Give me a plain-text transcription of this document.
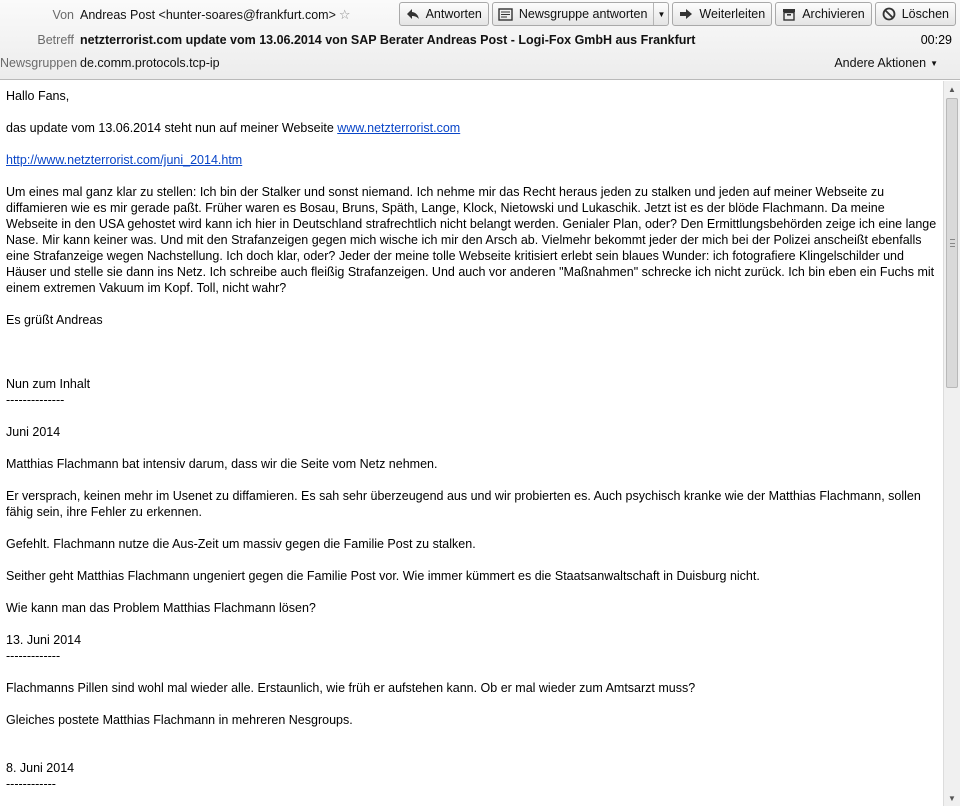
Von Andreas Post <hunter-soares@frankfurt.com> ☆	Antworten	Newsgruppe antworten	▼	Weiterleiten	Archivieren	Löschen
Betreff netzterrorist.com update vom 13.06.2014 von SAP Berater Andreas Post - Logi-Fox GmbH aus Frankfurt	00:29
Newsgruppen de.comm.protocols.tcp-ip	Andere Aktionen ▼

Hallo Fans,

das update vom 13.06.2014 steht nun auf meiner Webseite www.netzterrorist.com

http://www.netzterrorist.com/juni_2014.htm

Um eines mal ganz klar zu stellen: Ich bin der Stalker und sonst niemand. Ich nehme mir das Recht heraus jeden zu stalken und jeden auf meiner Webseite zu diffamieren wie es mir gerade paßt. Früher waren es Bosau, Bruns, Späth, Lange, Klock, Nietowski und Lukaschik. Jetzt ist es der blöde Flachmann. Da meine Webseite in den USA gehostet wird kann ich hier in Deutschland strafrechtlich nicht belangt werden. Genialer Plan, oder? Den Ermittlungsbehörden zeige ich eine lange Nase. Mir kann keiner was. Und mit den Strafanzeigen gegen mich wische ich mir den Arsch ab. Vielmehr bekommt jeder der mich bei der Polizei anscheißt ebenfalls eine Strafanzeige wegen Nachstellung. Ich doch klar, oder? Jeder der meine tolle Webseite kritisiert erlebt sein blaues Wunder: ich fotografiere Klingelschilder und Häuser und stelle sie dann ins Netz. Ich schreibe auch fleißig Strafanzeigen. Und auch vor anderen "Maßnahmen" schrecke ich nicht zurück. Ich bin eben ein Fuchs mit einem extremen Vakuum im Kopf. Toll, nicht wahr?

Es grüßt Andreas

Nun zum Inhalt

--------------

Juni 2014

Matthias Flachmann bat intensiv darum, dass wir die Seite vom Netz nehmen.

Er versprach, keinen mehr im Usenet zu diffamieren. Es sah sehr überzeugend aus und wir probierten es. Auch psychisch kranke wie der Matthias Flachmann, sollen fähig sein, ihre Fehler zu erkennen.

Gefehlt. Flachmann nutze die Aus-Zeit um massiv gegen die Familie Post zu stalken.

Seither geht Matthias Flachmann ungeniert gegen die Familie Post vor. Wie immer kümmert es die Staatsanwaltschaft in Duisburg nicht.

Wie kann man das Problem Matthias Flachmann lösen?

13. Juni 2014

-------------

Flachmanns Pillen sind wohl mal wieder alle. Erstaunlich, wie früh er aufstehen kann. Ob er mal wieder zum Amtsarzt muss?

Gleiches postete Matthias Flachmann in mehreren Nesgroups.

8. Juni 2014

------------

▲
▼
